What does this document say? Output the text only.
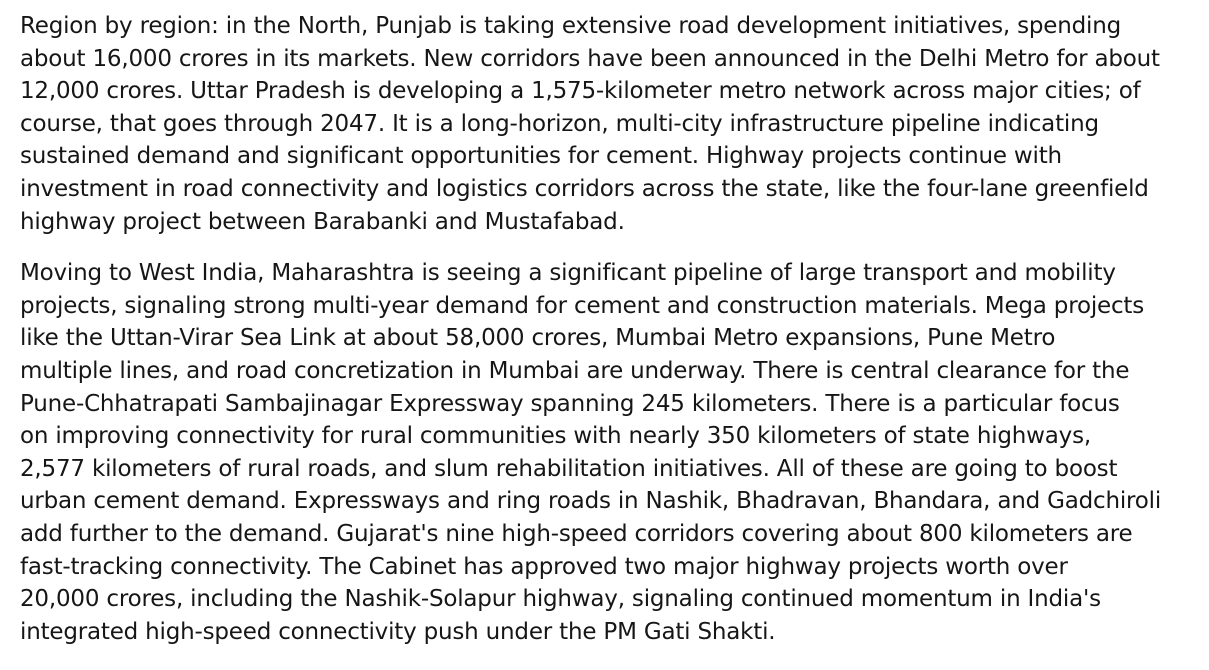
Region by region: in the North, Punjab is taking extensive road development initiatives, spending
about 16,000 crores in its markets. New corridors have been announced in the Delhi Metro for about
12,000 crores. Uttar Pradesh is developing a 1,575-kilometer metro network across major cities; of
course, that goes through 2047. It is a long-horizon, multi-city infrastructure pipeline indicating
sustained demand and significant opportunities for cement. Highway projects continue with
investment in road connectivity and logistics corridors across the state, like the four-lane greenfield
highway project between Barabanki and Mustafabad.

Moving to West India, Maharashtra is seeing a significant pipeline of large transport and mobility
projects, signaling strong multi-year demand for cement and construction materials. Mega projects
like the Uttan-Virar Sea Link at about 58,000 crores, Mumbai Metro expansions, Pune Metro
multiple lines, and road concretization in Mumbai are underway. There is central clearance for the
Pune-Chhatrapati Sambajinagar Expressway spanning 245 kilometers. There is a particular focus
on improving connectivity for rural communities with nearly 350 kilometers of state highways,
2,577 kilometers of rural roads, and slum rehabilitation initiatives. All of these are going to boost
urban cement demand. Expressways and ring roads in Nashik, Bhadravan, Bhandara, and Gadchiroli
add further to the demand. Gujarat's nine high-speed corridors covering about 800 kilometers are
fast-tracking connectivity. The Cabinet has approved two major highway projects worth over
20,000 crores, including the Nashik-Solapur highway, signaling continued momentum in India's
integrated high-speed connectivity push under the PM Gati Shakti.
